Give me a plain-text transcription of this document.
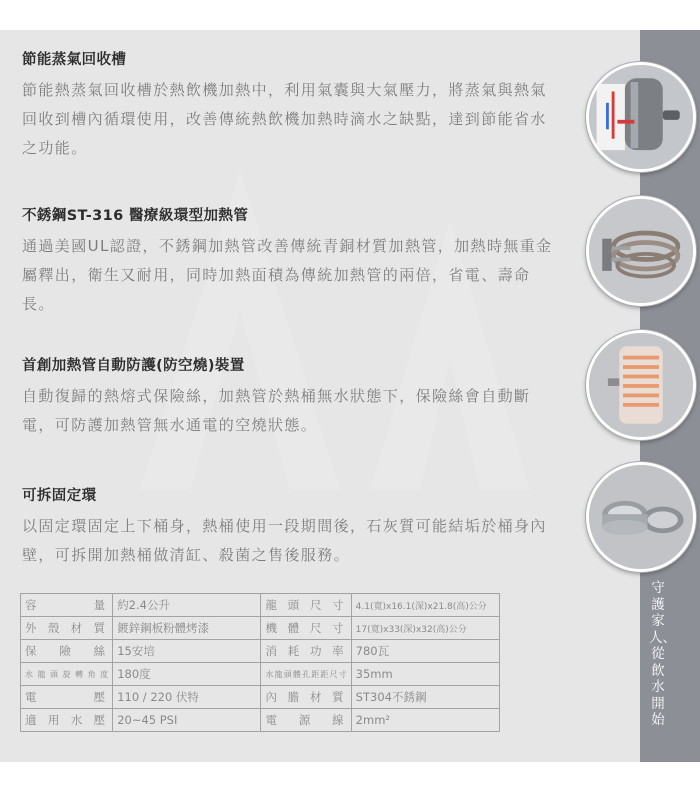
守護家人、從飲水開始
節能蒸氣回收槽
節能熱蒸氣回收槽於熱飲機加熱中，利用氣囊與大氣壓力，將蒸氣與熱氣回收到槽內循環使用，改善傳統熱飲機加熱時滴水之缺點，達到節能省水之功能。
不銹鋼ST-316 醫療級環型加熱管
通過美國UL認證，不銹鋼加熱管改善傳統青銅材質加熱管，加熱時無重金屬釋出，衛生又耐用，同時加熱面積為傳統加熱管的兩倍，省電、壽命長。
首創加熱管自動防護(防空燒)裝置
自動復歸的熱熔式保險絲，加熱管於熱桶無水狀態下，保險絲會自動斷電，可防護加熱管無水通電的空燒狀態。
可拆固定環
以固定環固定上下桶身，熱桶使用一段期間後，石灰質可能結垢於桶身內壁，可拆開加熱桶做清缸、殺菌之售後服務。
容量	約2.4公升	龍頭尺寸	4.1(寬)x16.1(深)x21.8(高)公分
外殼材質	鍍鋅鋼板粉體烤漆	機體尺寸	17(寬)x33(深)x32(高)公分
保險絲	15安培	消耗功率	780瓦
水龍頭旋轉角度	180度	水龍頭體孔距距尺寸	35mm
電壓	110 / 220 伏特	內膽材質	ST304不銹鋼
適用水壓	20~45 PSI	電源線	2mm²
